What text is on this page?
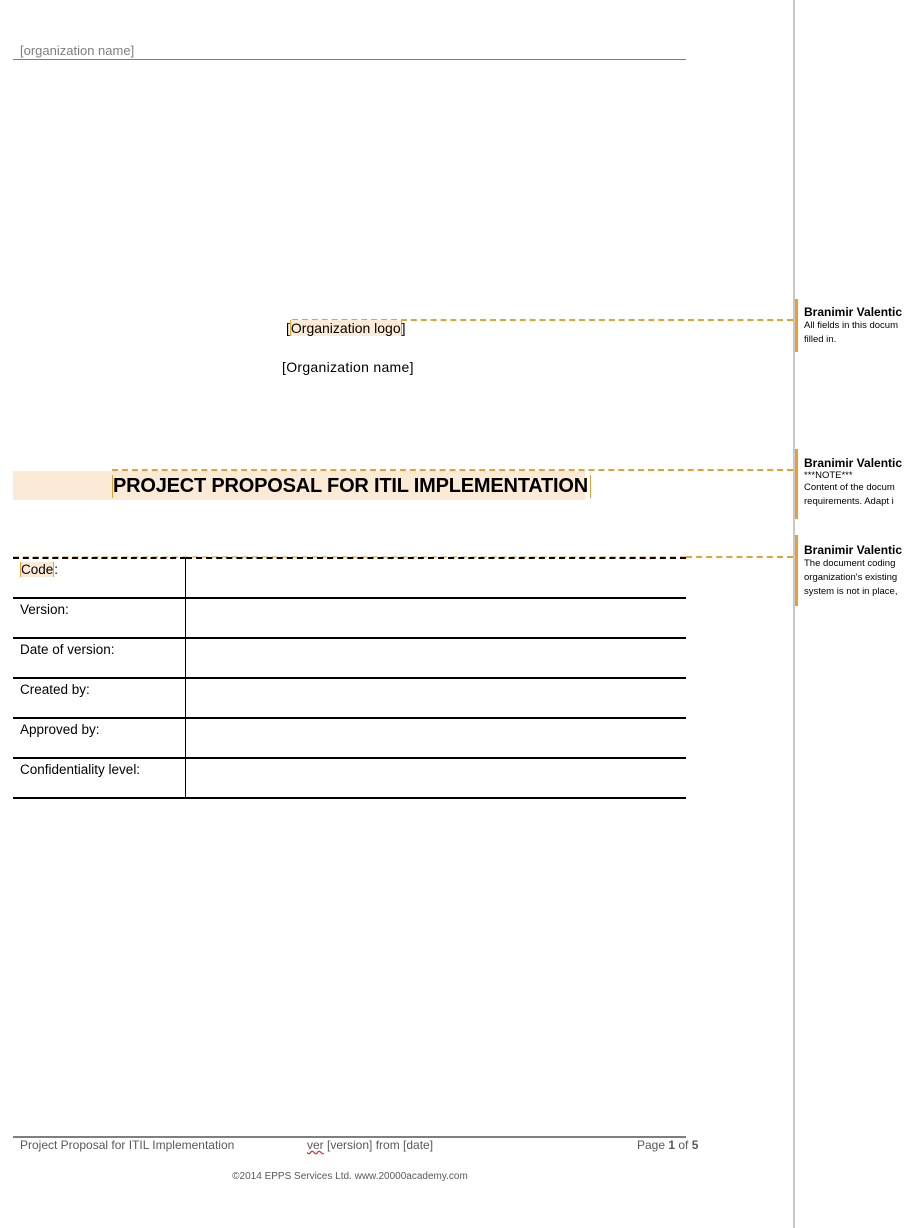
[organization name]
[Organization logo]
[Organization name]
PROJECT PROPOSAL FOR ITIL IMPLEMENTATION
Code:	
Version:	
Date of version:	
Created by:	
Approved by:	
Confidentiality level:	
Branimir Valentic
All fields in this docum
filled in.
Branimir Valentic
***NOTE***
Content of the docum
requirements. Adapt i
Branimir Valentic
The document coding
organization's existing
system is not in place,
Project Proposal for ITIL Implementation	ver [version] from [date]	Page 1 of 5
©2014 EPPS Services Ltd. www.20000academy.com
